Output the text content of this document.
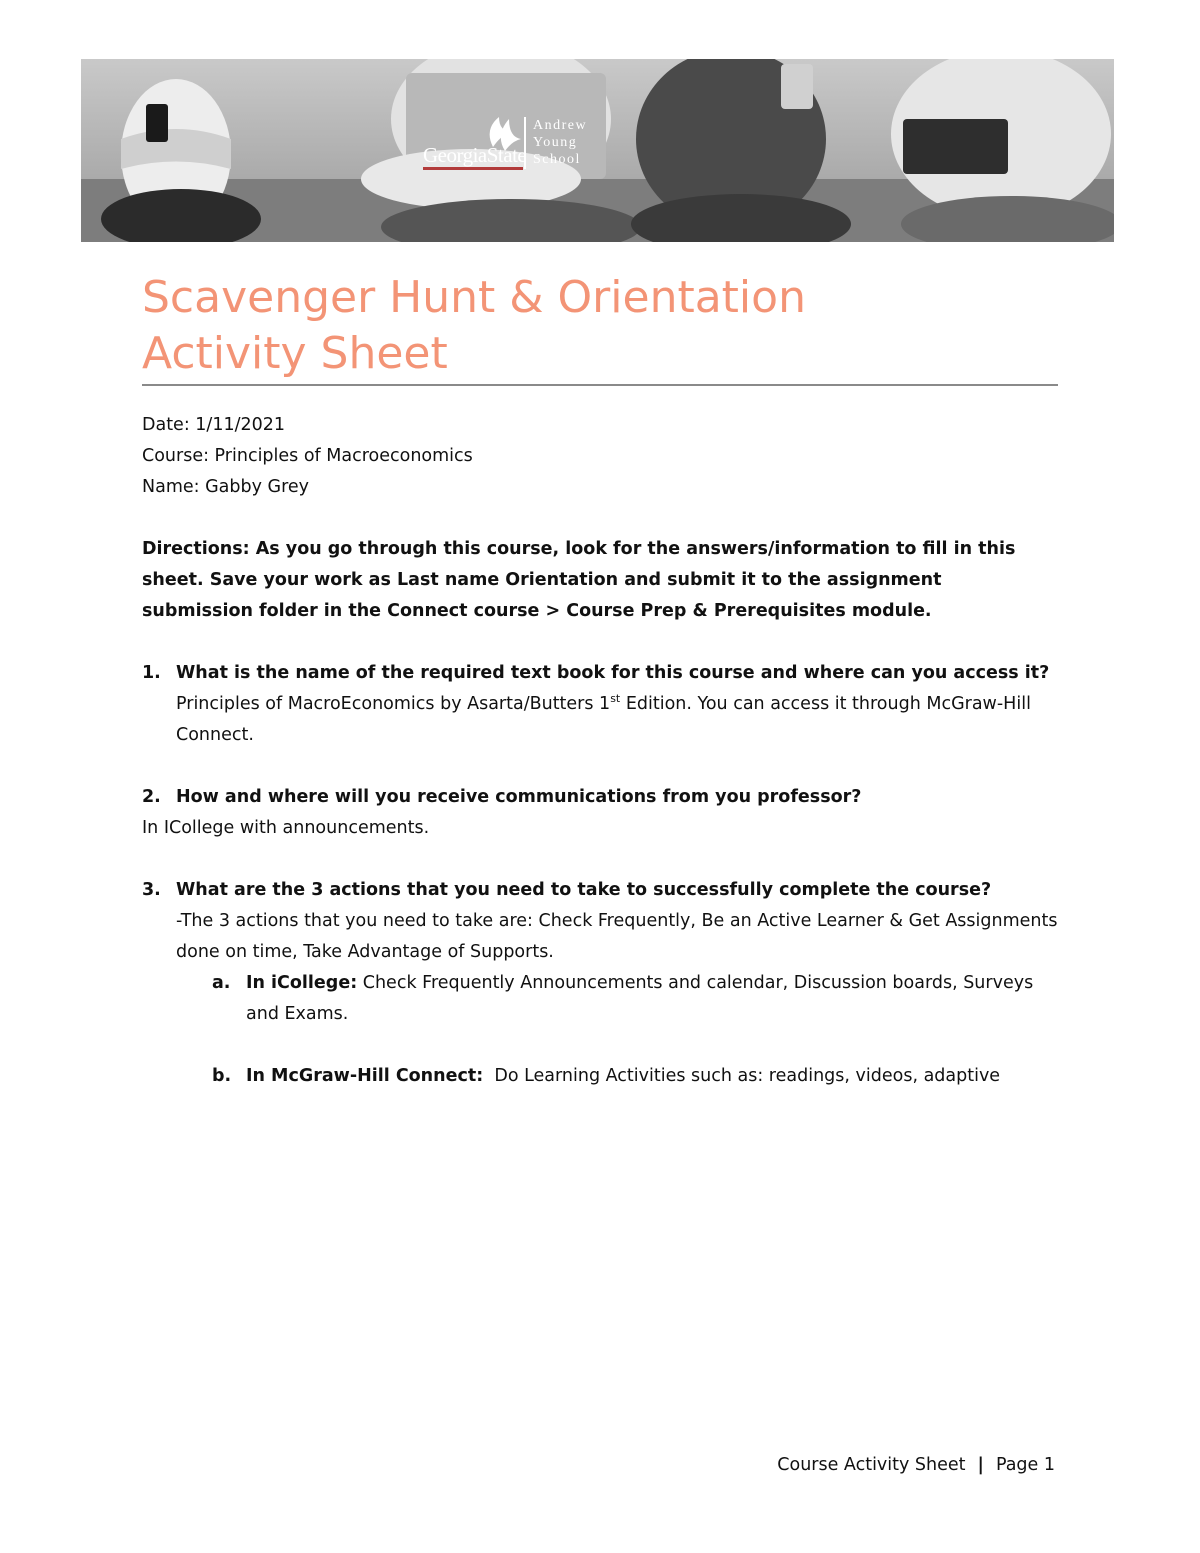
GeorgiaState
Andrew
Young
School
Scavenger Hunt & Orientation
Activity Sheet

Date: 1/11/2021

Course: Principles of Macroeconomics

Name: Gabby Grey

Directions: As you go through this course, look for the answers/information to fill in this sheet. Save your work as Last name Orientation and submit it to the assignment submission folder in the Connect course > Course Prep & Prerequisites module.

1. What is the name of the required text book for this course and where can you access it?

Principles of MacroEconomics by Asarta/Butters 1st Edition. You can access it through McGraw-Hill Connect.

2. How and where will you receive communications from you professor?

In ICollege with announcements.

3. What are the 3 actions that you need to take to successfully complete the course?

-The 3 actions that you need to take are: Check Frequently, Be an Active Learner & Get Assignments done on time, Take Advantage of Supports.

a. In iCollege: Check Frequently Announcements and calendar, Discussion boards, Surveys and Exams.

b. In McGraw-Hill Connect:  Do Learning Activities such as: readings, videos, adaptive

Course Activity Sheet | Page 1
